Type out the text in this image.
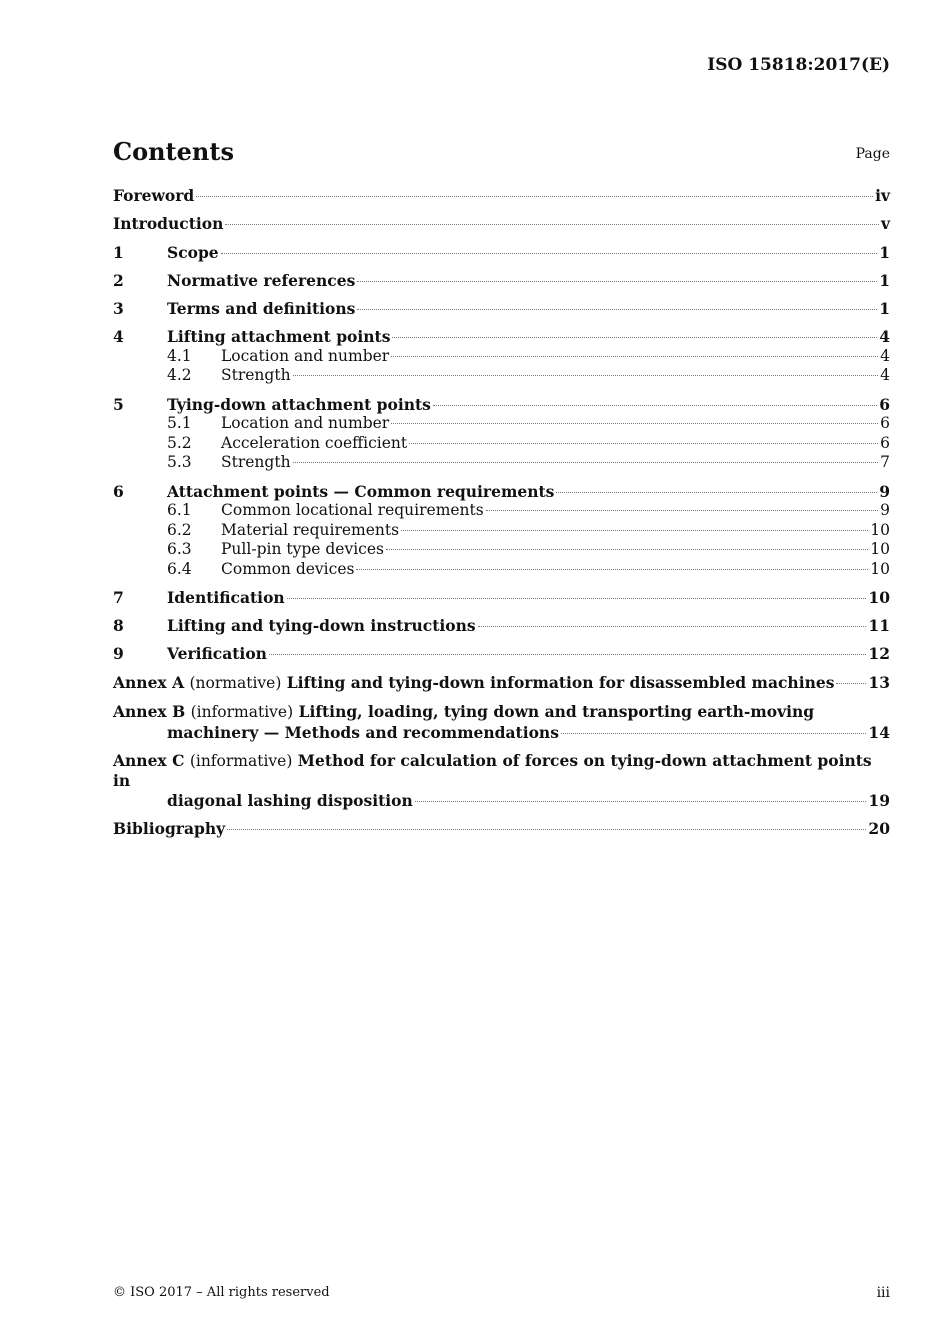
ISO 15818:2017(E)
Contents	Page
Foreword	iv
Introduction	v
1	Scope	1
2	Normative references	1
3	Terms and definitions	1
4	Lifting attachment points	4
4.1	Location and number	4
4.2	Strength	4
5	Tying-down attachment points	6
5.1	Location and number	6
5.2	Acceleration coefficient	6
5.3	Strength	7
6	Attachment points — Common requirements	9
6.1	Common locational requirements	9
6.2	Material requirements	10
6.3	Pull-pin type devices	10
6.4	Common devices	10
7	Identification	10
8	Lifting and tying-down instructions	11
9	Verification	12
Annex A (normative) Lifting and tying-down information for disassembled machines 13
Annex B (informative) Lifting, loading, tying down and transporting earth-moving
machinery — Methods and recommendations	14
Annex C (informative) Method for calculation of forces on tying-down attachment points in
diagonal lashing disposition	19
Bibliography	20
© ISO 2017 – All rights reserved	iii
